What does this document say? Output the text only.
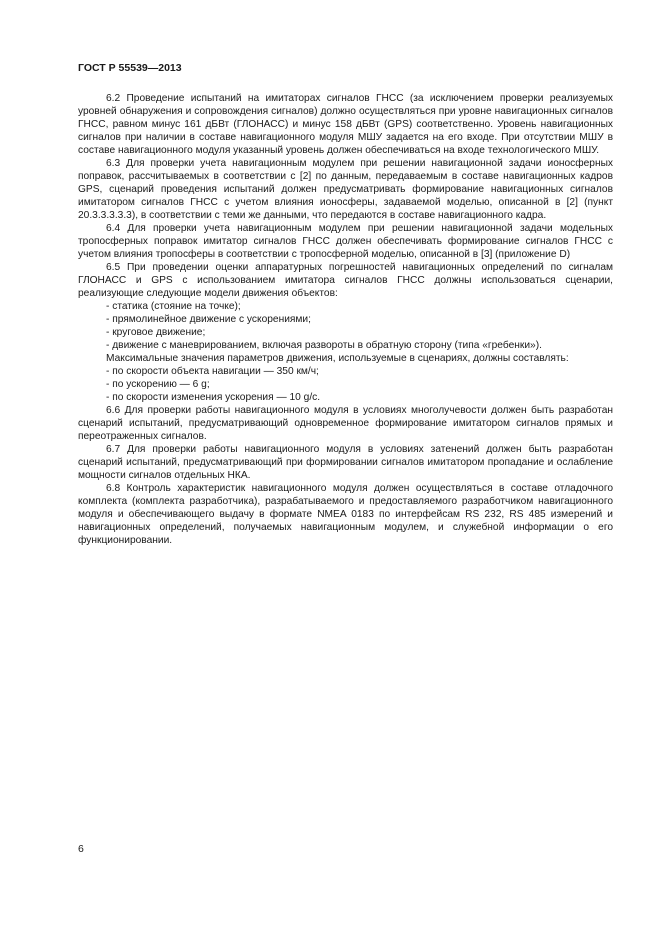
ГОСТ Р 55539—2013

6.2 Проведение испытаний на имитаторах сигналов ГНСС (за исключением проверки реализуемых уровней обнаружения и сопровождения сигналов) должно осуществляться при уровне навигационных сигналов ГНСС, равном минус 161 дБВт (ГЛОНАСС) и минус 158 дБВт (GPS) соответственно. Уровень навигационных сигналов при наличии в составе навигационного модуля МШУ задается на его входе. При отсутствии МШУ в составе навигационного модуля указанный уровень должен обеспечиваться на входе технологического МШУ.

6.3 Для проверки учета навигационным модулем при решении навигационной задачи ионосферных поправок, рассчитываемых в соответствии с [2] по данным, передаваемым в составе навигационных кадров GPS, сценарий проведения испытаний должен предусматривать формирование навигационных сигналов имитатором сигналов ГНСС с учетом влияния ионосферы, задаваемой моделью, описанной в [2] (пункт 20.3.3.3.3.3), в соответствии с теми же данными, что передаются в составе навигационного кадра.

6.4 Для проверки учета навигационным модулем при решении навигационной задачи модельных тропосферных поправок имитатор сигналов ГНСС должен обеспечивать формирование сигналов ГНСС с учетом влияния тропосферы в соответствии с тропосферной моделью, описанной в [3] (приложение D)

6.5 При проведении оценки аппаратурных погрешностей навигационных определений по сигналам ГЛОНАСС и GPS с использованием имитатора сигналов ГНСС должны использоваться сценарии, реализующие следующие модели движения объектов:

- статика (стояние на точке);

- прямолинейное движение с ускорениями;

- круговое движение;

- движение с маневрированием, включая развороты в обратную сторону (типа «гребенки»).

Максимальные значения параметров движения, используемые в сценариях, должны составлять:

- по скорости объекта навигации — 350 км/ч;

- по ускорению — 6 g;

- по скорости изменения ускорения — 10 g/c.

6.6 Для проверки работы навигационного модуля в условиях многолучевости должен быть разработан сценарий испытаний, предусматривающий одновременное формирование имитатором сигналов прямых и переотраженных сигналов.

6.7 Для проверки работы навигационного модуля в условиях затенений должен быть разработан сценарий испытаний, предусматривающий при формировании сигналов имитатором пропадание и ослабление мощности сигналов отдельных НКА.

6.8 Контроль характеристик навигационного модуля должен осуществляться в составе отладочного комплекта (комплекта разработчика), разрабатываемого и предоставляемого разработчиком навигационного модуля и обеспечивающего выдачу в формате NMEA 0183 по интерфейсам RS 232, RS 485 измерений и навигационных определений, получаемых навигационным модулем, и служебной информации о его функционировании.

6
